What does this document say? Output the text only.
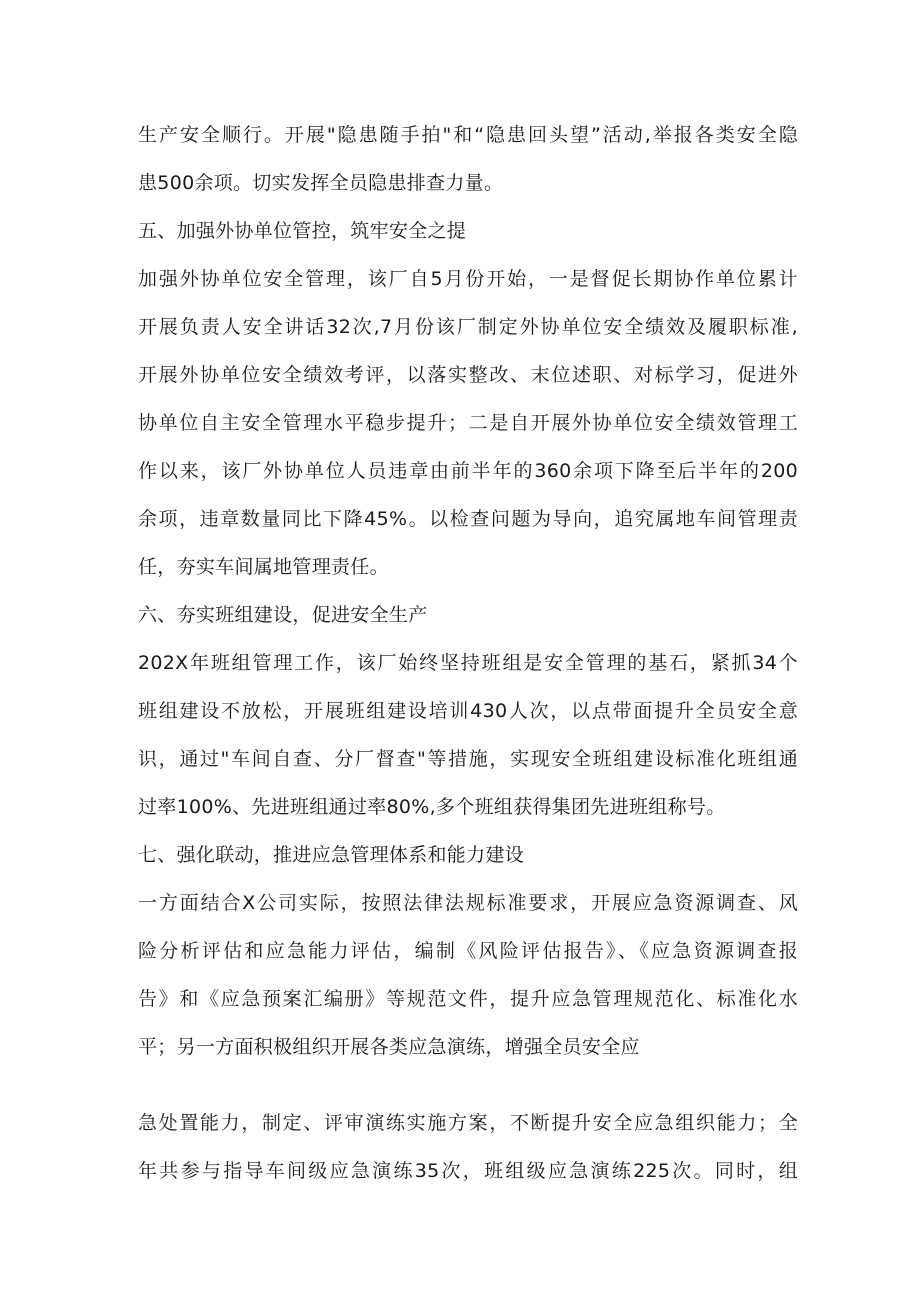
生产安全顺行。开展"隐患随手拍"和“隐患回头望”活动,举报各类安全隐
患500余项。切实发挥全员隐患排查力量。
五、加强外协单位管控，筑牢安全之提
加强外协单位安全管理，该厂自5月份开始，一是督促长期协作单位累计
开展负责人安全讲话32次,7月份该厂制定外协单位安全绩效及履职标准,
开展外协单位安全绩效考评，以落实整改、末位述职、对标学习，促进外
协单位自主安全管理水平稳步提升；二是自开展外协单位安全绩效管理工
作以来，该厂外协单位人员违章由前半年的360余项下降至后半年的200
余项，违章数量同比下降45%。以检查问题为导向，追究属地车间管理责
任，夯实车间属地管理责任。
六、夯实班组建设，促进安全生产
202X年班组管理工作，该厂始终坚持班组是安全管理的基石，紧抓34个
班组建设不放松，开展班组建设培训430人次，以点带面提升全员安全意
识，通过"车间自查、分厂督查"等措施，实现安全班组建设标准化班组通
过率100%、先进班组通过率80%,多个班组获得集团先进班组称号。
七、强化联动，推进应急管理体系和能力建设
一方面结合X公司实际，按照法律法规标准要求，开展应急资源调查、风
险分析评估和应急能力评估，编制《风险评估报告》、《应急资源调查报
告》和《应急预案汇编册》等规范文件，提升应急管理规范化、标准化水
平；另一方面积极组织开展各类应急演练，增强全员安全应
急处置能力，制定、评审演练实施方案，不断提升安全应急组织能力；全
年共参与指导车间级应急演练35次，班组级应急演练225次。同时，组
